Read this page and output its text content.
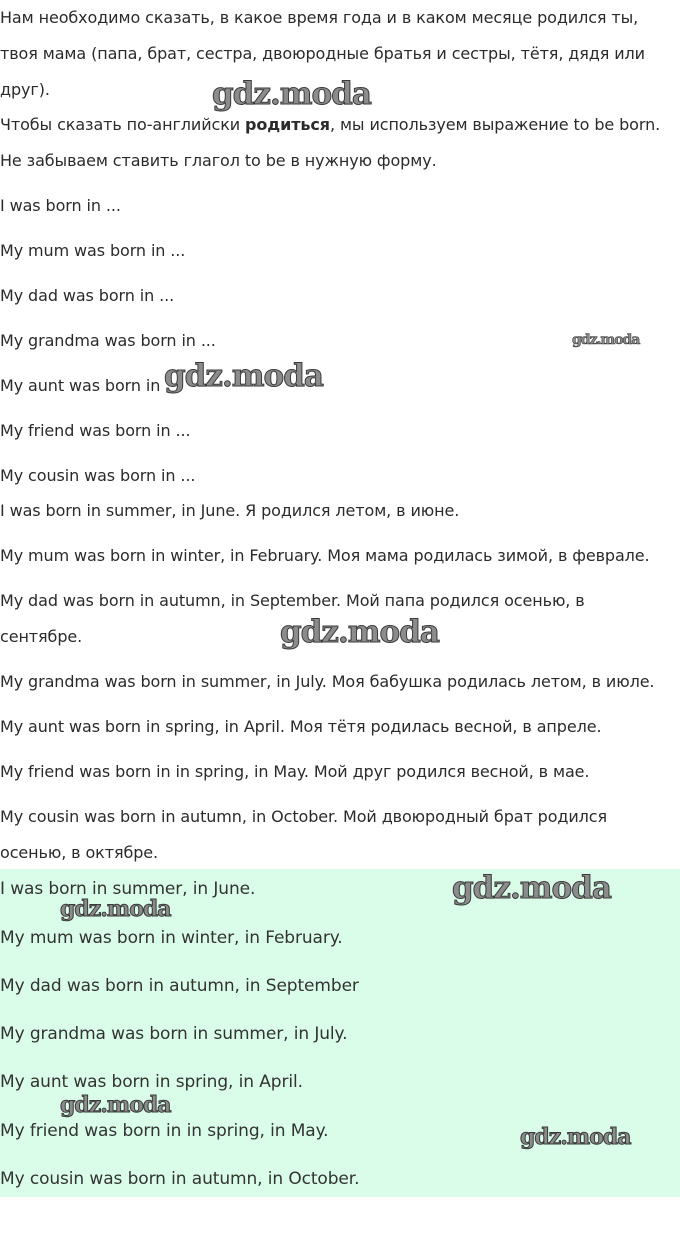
Нам необходимо сказать, в какое время года и в каком месяце родился ты,
твоя мама (папа, брат, сестра, двоюродные братья и сестры, тётя, дядя или
друг).
Чтобы сказать по-английски родиться, мы используем выражение to be born.
Не забываем ставить глагол to be в нужную форму.
I was born in ...
My mum was born in ...
My dad was born in ...
My grandma was born in ...
My aunt was born in
My friend was born in ...
My cousin was born in ...
I was born in summer, in June. Я родился летом, в июне.
My mum was born in winter, in February. Моя мама родилась зимой, в феврале.
My dad was born in autumn, in September. Мой папа родился осенью, в
сентябре.
My grandma was born in summer, in July. Моя бабушка родилась летом, в июле.
My aunt was born in spring, in April. Моя тётя родилась весной, в апреле.
My friend was born in in spring, in May. Мой друг родился весной, в мае.
My cousin was born in autumn, in October. Мой двоюродный брат родился
осенью, в октябре.
I was born in summer, in June.
My mum was born in winter, in February.
My dad was born in autumn, in September
My grandma was born in summer, in July.
My aunt was born in spring, in April.
My friend was born in in spring, in May.
My cousin was born in autumn, in October.
gdz.moda
gdz.moda
gdz.moda
gdz.moda
gdz.moda
gdz.moda
gdz.moda
gdz.moda
